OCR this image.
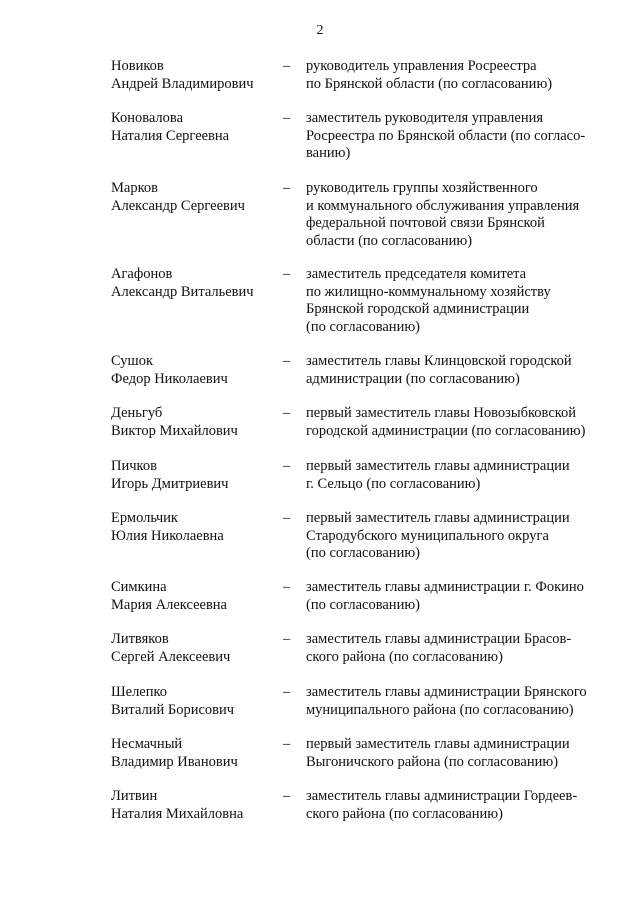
2
Новиков
Андрей Владимирович
– руководитель управления Росреестра
по Брянской области (по согласованию)
Коновалова
Наталия Сергеевна
– заместитель руководителя управления
Росреестра по Брянской области (по согласо-
ванию)
Марков
Александр Сергеевич
– руководитель группы хозяйственного
и коммунального обслуживания управления
федеральной почтовой связи Брянской
области (по согласованию)
Агафонов
Александр Витальевич
– заместитель председателя комитета
по жилищно-коммунальному хозяйству
Брянской городской администрации
(по согласованию)
Сушок
Федор Николаевич
– заместитель главы Клинцовской городской
администрации (по согласованию)
Деньгуб
Виктор Михайлович
– первый заместитель главы Новозыбковской
городской администрации (по согласованию)
Пичков
Игорь Дмитриевич
– первый заместитель главы администрации
г. Сельцо (по согласованию)
Ермольчик
Юлия Николаевна
– первый заместитель главы администрации
Стародубского муниципального округа
(по согласованию)
Симкина
Мария Алексеевна
– заместитель главы администрации г. Фокино
(по согласованию)
Литвяков
Сергей Алексеевич
– заместитель главы администрации Брасов-
ского района (по согласованию)
Шелепко
Виталий Борисович
– заместитель главы администрации Брянского
муниципального района (по согласованию)
Несмачный
Владимир Иванович
– первый заместитель главы администрации
Выгоничского района (по согласованию)
Литвин
Наталия Михайловна
– заместитель главы администрации Гордеев-
ского района (по согласованию)
